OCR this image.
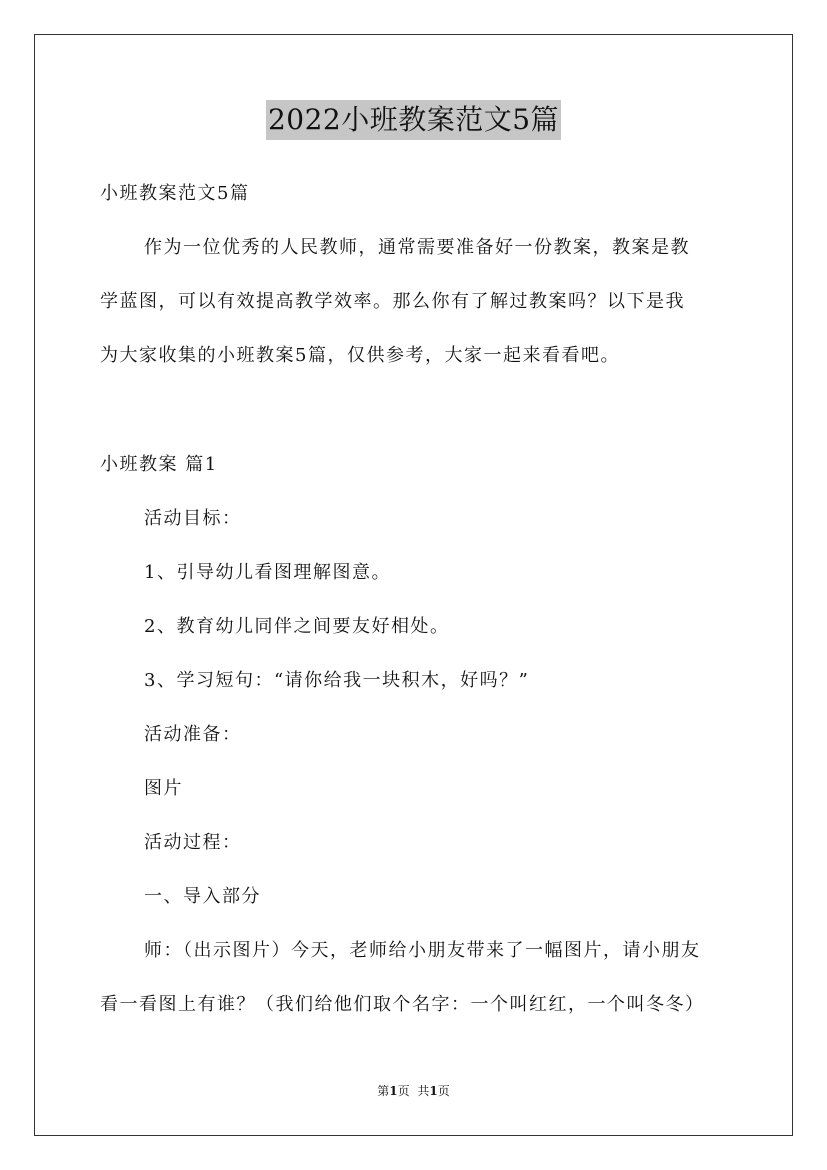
2022小班教案范文5篇
小班教案范文5篇
作为一位优秀的人民教师，通常需要准备好一份教案，教案是教
学蓝图，可以有效提高教学效率。那么你有了解过教案吗？以下是我
为大家收集的小班教案5篇，仅供参考，大家一起来看看吧。
小班教案 篇1
活动目标：
1、引导幼儿看图理解图意。
2、教育幼儿同伴之间要友好相处。
3、学习短句：“请你给我一块积木，好吗？”
活动准备：
图片
活动过程：
一、导入部分
师：（出示图片）今天，老师给小朋友带来了一幅图片，请小朋友
看一看图上有谁？（我们给他们取个名字：一个叫红红，一个叫冬冬）
第1页 共1页
